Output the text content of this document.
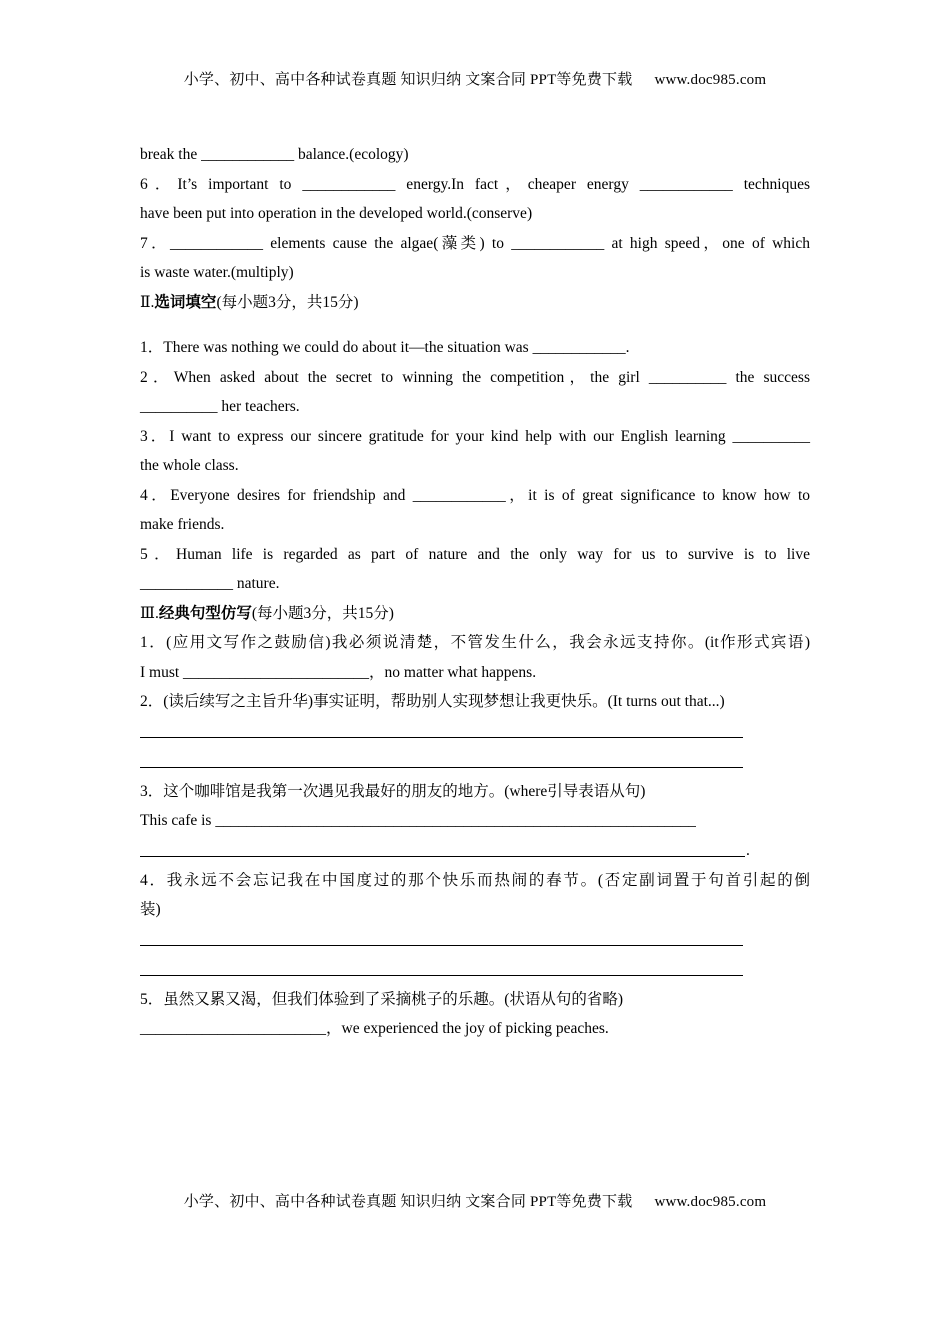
小学、初中、高中各种试卷真题 知识归纳 文案合同 PPT等免费下载 www.doc985.com
break the ____________ balance.(ecology)
6．It’s important to ____________ energy.In fact，cheaper energy ____________ techniques
have been put into operation in the developed world.(conserve)
7．____________ elements cause the algae(藻类) to ____________ at high speed，one of which
is waste water.(multiply)
Ⅱ.选词填空(每小题3分，共15分)
1．There was nothing we could do about it—the situation was ____________.
2．When asked about the secret to winning the competition，the girl __________ the success
__________ her teachers.
3．I want to express our sincere gratitude for your kind help with our English learning __________
the whole class.
4．Everyone desires for friendship and ____________，it is of great significance to know how to
make friends.
5．Human life is regarded as part of nature and the only way for us to survive is to live
____________ nature.
Ⅲ.经典句型仿写(每小题3分，共15分)
1．(应用文写作之鼓励信)我必须说清楚，不管发生什么，我会永远支持你。(it作形式宾语)
I must ________________________，no matter what happens.
2．(读后续写之主旨升华)事实证明，帮助别人实现梦想让我更快乐。(It turns out that...)
3．这个咖啡馆是我第一次遇见我最好的朋友的地方。(where引导表语从句)
This cafe is ______________________________________________________________
.
4．我永远不会忘记我在中国度过的那个快乐而热闹的春节。(否定副词置于句首引起的倒
装)
5．虽然又累又渴，但我们体验到了采摘桃子的乐趣。(状语从句的省略)
________________________，we experienced the joy of picking peaches.
小学、初中、高中各种试卷真题 知识归纳 文案合同 PPT等免费下载 www.doc985.com
